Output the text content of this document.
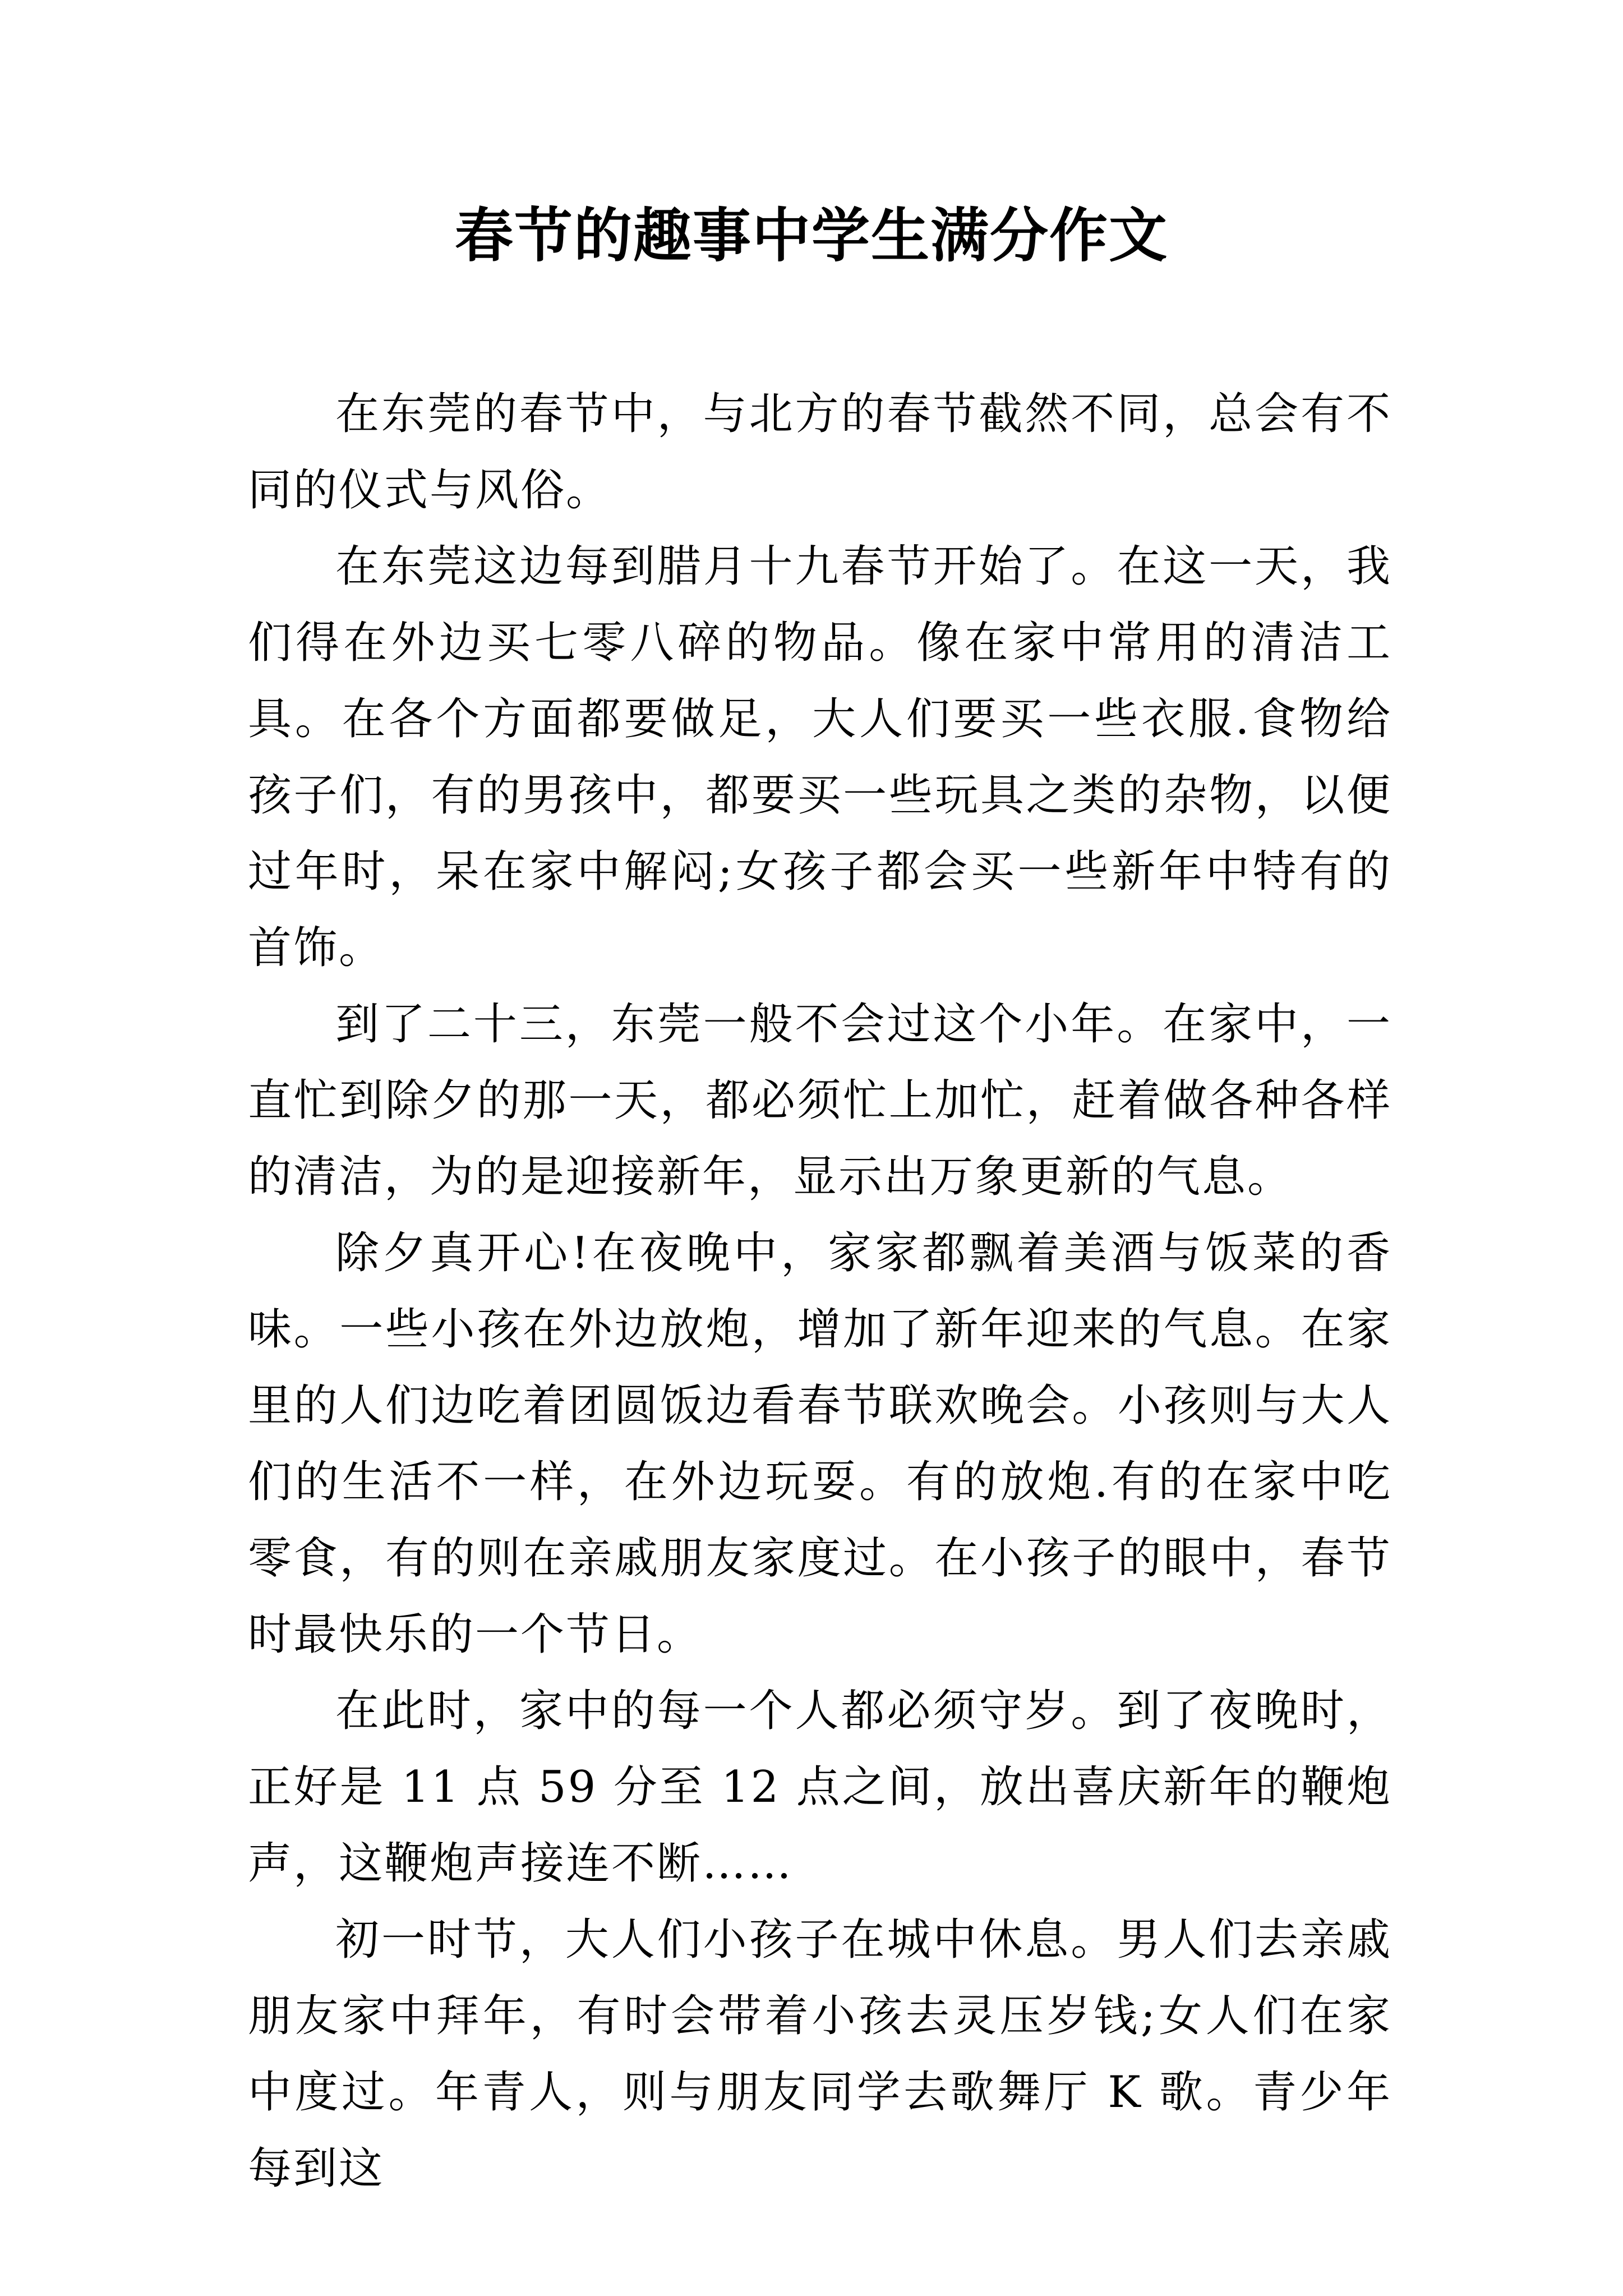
春节的趣事中学生满分作文

在东莞的春节中，与北方的春节截然不同，总会有不同的仪式与风俗。

在东莞这边每到腊月十九春节开始了。在这一天，我们得在外边买七零八碎的物品。像在家中常用的清洁工具。在各个方面都要做足，大人们要买一些衣服.食物给孩子们，有的男孩中，都要买一些玩具之类的杂物，以便过年时，呆在家中解闷;女孩子都会买一些新年中特有的首饰。

到了二十三，东莞一般不会过这个小年。在家中，一直忙到除夕的那一天，都必须忙上加忙，赶着做各种各样的清洁，为的是迎接新年，显示出万象更新的气息。

除夕真开心!在夜晚中，家家都飘着美酒与饭菜的香味。一些小孩在外边放炮，增加了新年迎来的气息。在家里的人们边吃着团圆饭边看春节联欢晚会。小孩则与大人们的生活不一样，在外边玩耍。有的放炮.有的在家中吃零食，有的则在亲戚朋友家度过。在小孩子的眼中，春节时最快乐的一个节日。

在此时，家中的每一个人都必须守岁。到了夜晚时，正好是 11 点 59 分至 12 点之间，放出喜庆新年的鞭炮声，这鞭炮声接连不断……

初一时节，大人们小孩子在城中休息。男人们去亲戚朋友家中拜年，有时会带着小孩去灵压岁钱;女人们在家中度过。年青人，则与朋友同学去歌舞厅 K 歌。青少年每到这
